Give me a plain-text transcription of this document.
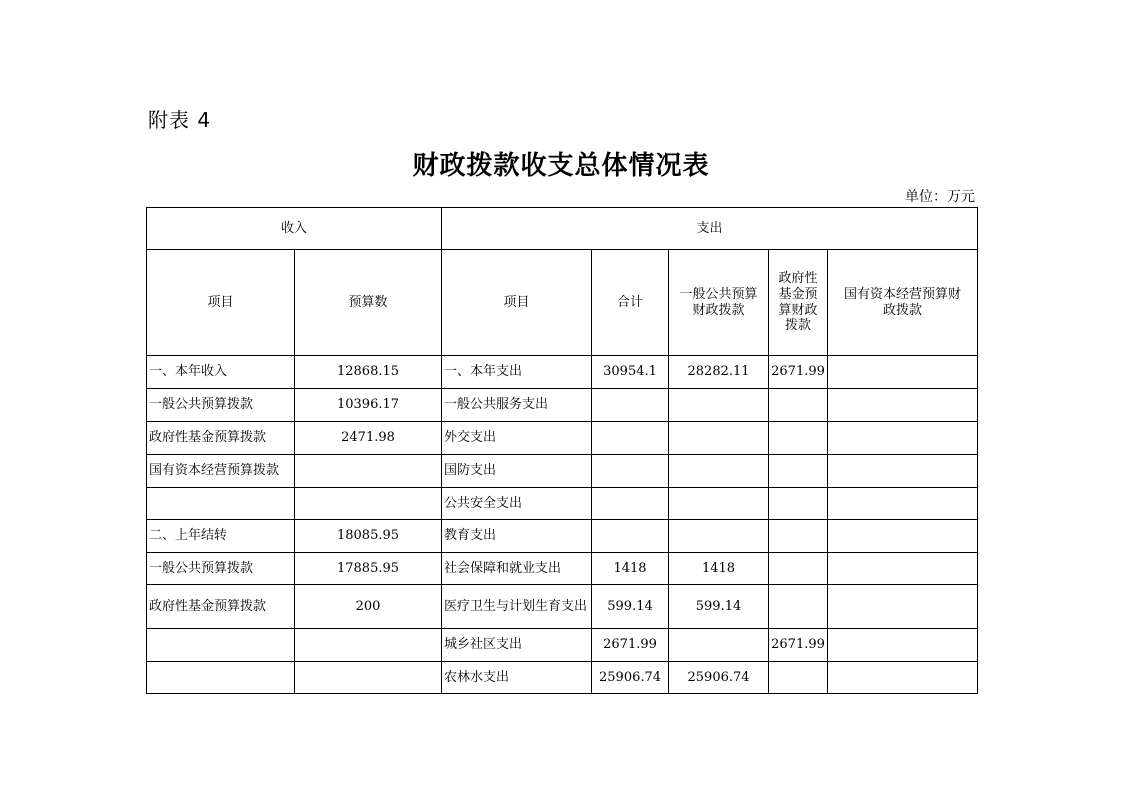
附表 4
财政拨款收支总体情况表
单位：万元
收入		支出				
项目	预算数	项目	合计	一般公共预算财政拨款	政府性基金预算财政拨款	国有资本经营预算财政拨款
一、本年收入	12868.15	一、本年支出	30954.1	28282.11	2671.99	
一般公共预算拨款	10396.17	一般公共服务支出				
政府性基金预算拨款	2471.98	外交支出				
国有资本经营预算拨款		国防支出				
		公共安全支出				
二、上年结转	18085.95	教育支出				
一般公共预算拨款	17885.95	社会保障和就业支出	1418	1418		
政府性基金预算拨款	200	医疗卫生与计划生育支出	599.14	599.14		
		城乡社区支出	2671.99		2671.99	
		农林水支出	25906.74	25906.74		
